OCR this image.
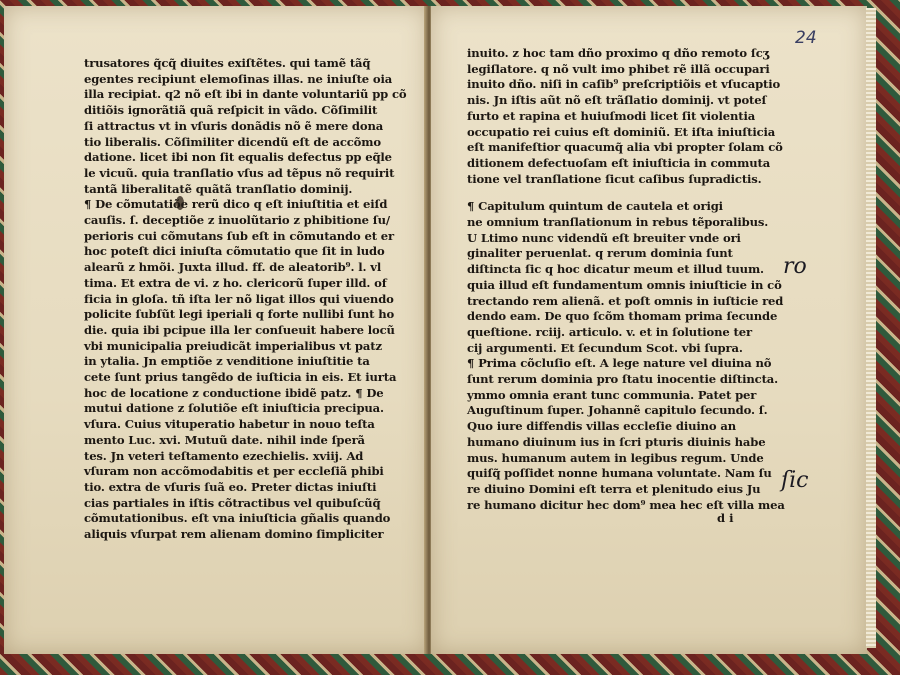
trusatores q̃cq̃ diuites exiſtẽtes. qui tamẽ tãq̃
egentes recipiunt elemoſinas illas. ne iniuſte oia
illa recipiat. q2 nõ eſt ibi in dante voluntariũ pp cõ
ditiõis ignorãtiã quã reſpicit in vãdo. Cõſimilit
ſi attractus vt in vſuris donãdis nõ ẽ mere dona
tio liberalis. Cõſimiliter dicendũ eſt de accõmo
datione. licet ibi non ſit equalis defectus pp eq̃le
le vicuũ. quia tranſlatio vſus ad tẽpus nõ requirit
tantã liberalitatẽ quãtã tranſlatio dominij.
¶ De cõmutatiõe rerũ dico q eſt iniuſtitia et eiſd
cauſis. ſ. deceptiõe z inuolũtario z phibitione ſu/
perioris cui cõmutans ſub eſt in cõmutando et er
hoc poteſt dici iniuſta cõmutatio que ſit in ludo
alearũ z hmõi. Juxta illud. ff. de aleatorib⁹. l. vl
tima. Et extra de vi. z ho. clericorũ ſuper illd. of
ficia in gloſa. tñ iſta ler nõ ligat illos qui viuendo
policite ſubſũt legi iperiali q forte nullibi ſunt ho
die. quia ibi pcipue illa ler conſueuit habere locũ
vbi municipalia preiudicãt imperialibus vt patz
in ytalia. Jn emptiõe z venditione iniuſtitie ta
cete ſunt prius tangẽdo de iuſticia in eis. Et iurta
hoc de locatione z conductione ibidẽ patz. ¶ De
mutui datione z ſolutiõe eſt iniuſticia precipua.
vſura. Cuius vituperatio habetur in nouo teſta
mento Luc. xvi. Mutuũ date. nihil inde ſperã
tes. Jn veteri teſtamento ezechielis. xviij. Ad
vſuram non accõmodabitis et per eccleſiã phibi
tio. extra de vſuris ſuã eo. Preter dictas iniuſti
cias partiales in iſtis cõtractibus vel quibuſcũq̃
cõmutationibus. eſt vna iniuſticia gñalis quando
aliquis vſurpat rem alienam domino ſimpliciter
24
inuito. z hoc tam dño proximo q dño remoto ſcʒ
legiſlatore. q nõ vult imo phibet rẽ illã occupari
inuito dño. niſi in caſib⁹ preſcriptiõis et vſucaptio
nis. Jn iſtis aũt nõ eſt trãſlatio dominij. vt poteſ
furto et rapina et huiuſmodi licet ſit violentia
occupatio rei cuius eſt dominiũ. Et iſta iniuſticia
eſt manifeſtior quacumq̃ alia vbi propter ſolam cõ
ditionem defectuoſam eſt iniuſticia in commuta
tione vel tranſlatione ſicut caſibus ſupradictis.
¶ Capitulum quintum de cautela et origi
ne omnium tranſlationum in rebus tẽporalibus.
U Ltimo nunc videndũ eſt breuiter vnde ori
ginaliter peruenlat. q rerum dominia ſunt
diſtincta ſic q hoc dicatur meum et illud tuum.
quia illud eſt fundamentum omnis iniuſticie in cõ
trectando rem alienã. et poſt omnis in iuſticie red
dendo eam. De quo ſcõm thomam prima ſecunde
queſtione. rciij. articulo. v. et in ſolutione ter
cij argumenti. Et ſecundum Scot. vbi ſupra.
¶ Prima cõcluſio eſt. A lege nature vel diuina nõ
ſunt rerum dominia pro ſtatu inocentie diſtincta.
ymmo omnia erant tunc communia. Patet per
Auguſtinum ſuper. Johannẽ capitulo ſecundo. ſ.
Quo iure diffendis villas eccleſie diuino an
humano diuinum ius in ſcri pturis diuinis habe
mus. humanum autem in legibus regum. Unde
quiſq̃ poſſidet nonne humana voluntate. Nam ſu
re diuino Domini eſt terra et plenitudo eius Ju
re humano dicitur hec dom⁹ mea hec eſt villa mea
d i
ro
ſic
